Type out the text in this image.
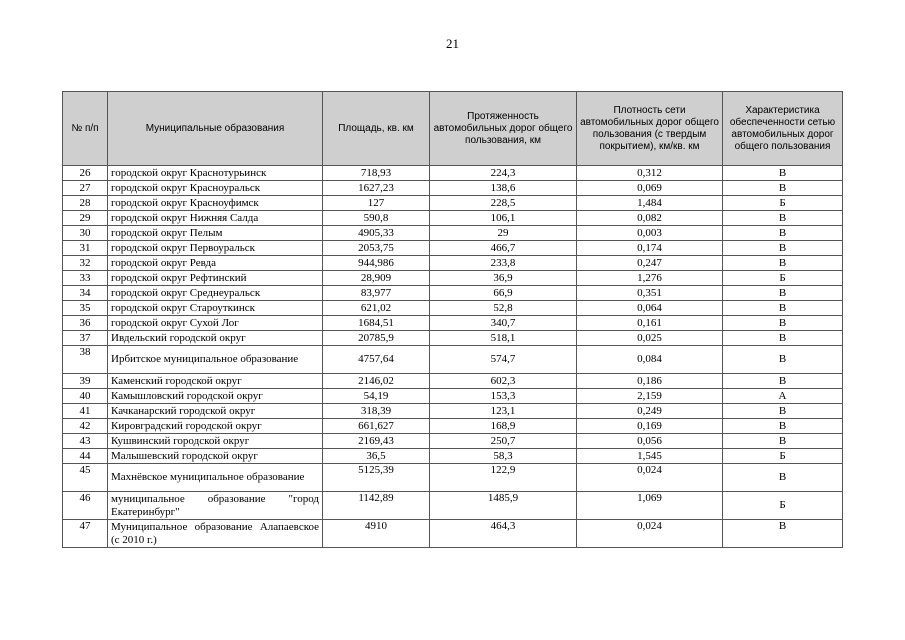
21
№ п/п	Муниципальные образования	Площадь, кв. км	Протяженность автомобильных дорог общего пользования, км	Плотность сети автомобильных дорог общего пользования (с твердым покрытием), км/кв. км	Характеристика обеспеченности сетью автомобильных дорог общего пользования
26	городской округ Краснотурьинск	718,93	224,3	0,312	В
27	городской округ Красноуральск	1627,23	138,6	0,069	В
28	городской округ Красноуфимск	127	228,5	1,484	Б
29	городской округ Нижняя Салда	590,8	106,1	0,082	В
30	городской округ Пелым	4905,33	29	0,003	В
31	городской округ Первоуральск	2053,75	466,7	0,174	В
32	городской округ Ревда	944,986	233,8	0,247	В
33	городской округ Рефтинский	28,909	36,9	1,276	Б
34	городской округ Среднеуральск	83,977	66,9	0,351	В
35	городской округ Староуткинск	621,02	52,8	0,064	В
36	городской округ Сухой Лог	1684,51	340,7	0,161	В
37	Ивдельский городской округ	20785,9	518,1	0,025	В
38	Ирбитское муниципальное образование	4757,64	574,7	0,084	В
39	Каменский городской округ	2146,02	602,3	0,186	В
40	Камышловский городской округ	54,19	153,3	2,159	А
41	Качканарский городской округ	318,39	123,1	0,249	В
42	Кировградский городской округ	661,627	168,9	0,169	В
43	Кушвинский городской округ	2169,43	250,7	0,056	В
44	Малышевский городской округ	36,5	58,3	1,545	Б
45	Махнёвское муниципальное образование	5125,39	122,9	0,024	В
46	муниципальное образование "город Екатеринбург"	1142,89	1485,9	1,069	Б
47	Муниципальное образование Алапаевское (с 2010 г.)	4910	464,3	0,024	В
